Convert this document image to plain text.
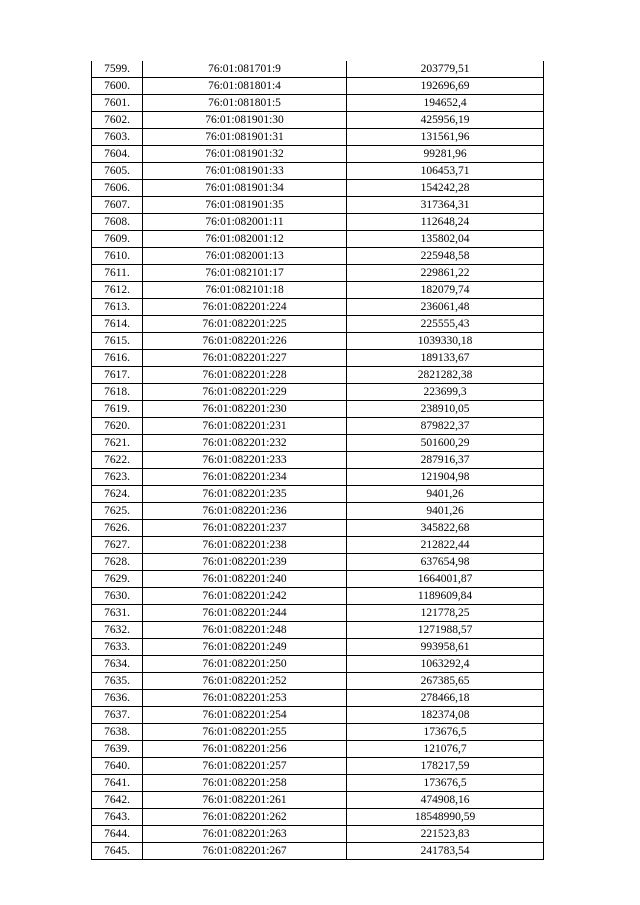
7599.	76:01:081701:9	203779,51
7600.	76:01:081801:4	192696,69
7601.	76:01:081801:5	194652,4
7602.	76:01:081901:30	425956,19
7603.	76:01:081901:31	131561,96
7604.	76:01:081901:32	99281,96
7605.	76:01:081901:33	106453,71
7606.	76:01:081901:34	154242,28
7607.	76:01:081901:35	317364,31
7608.	76:01:082001:11	112648,24
7609.	76:01:082001:12	135802,04
7610.	76:01:082001:13	225948,58
7611.	76:01:082101:17	229861,22
7612.	76:01:082101:18	182079,74
7613.	76:01:082201:224	236061,48
7614.	76:01:082201:225	225555,43
7615.	76:01:082201:226	1039330,18
7616.	76:01:082201:227	189133,67
7617.	76:01:082201:228	2821282,38
7618.	76:01:082201:229	223699,3
7619.	76:01:082201:230	238910,05
7620.	76:01:082201:231	879822,37
7621.	76:01:082201:232	501600,29
7622.	76:01:082201:233	287916,37
7623.	76:01:082201:234	121904,98
7624.	76:01:082201:235	9401,26
7625.	76:01:082201:236	9401,26
7626.	76:01:082201:237	345822,68
7627.	76:01:082201:238	212822,44
7628.	76:01:082201:239	637654,98
7629.	76:01:082201:240	1664001,87
7630.	76:01:082201:242	1189609,84
7631.	76:01:082201:244	121778,25
7632.	76:01:082201:248	1271988,57
7633.	76:01:082201:249	993958,61
7634.	76:01:082201:250	1063292,4
7635.	76:01:082201:252	267385,65
7636.	76:01:082201:253	278466,18
7637.	76:01:082201:254	182374,08
7638.	76:01:082201:255	173676,5
7639.	76:01:082201:256	121076,7
7640.	76:01:082201:257	178217,59
7641.	76:01:082201:258	173676,5
7642.	76:01:082201:261	474908,16
7643.	76:01:082201:262	18548990,59
7644.	76:01:082201:263	221523,83
7645.	76:01:082201:267	241783,54
